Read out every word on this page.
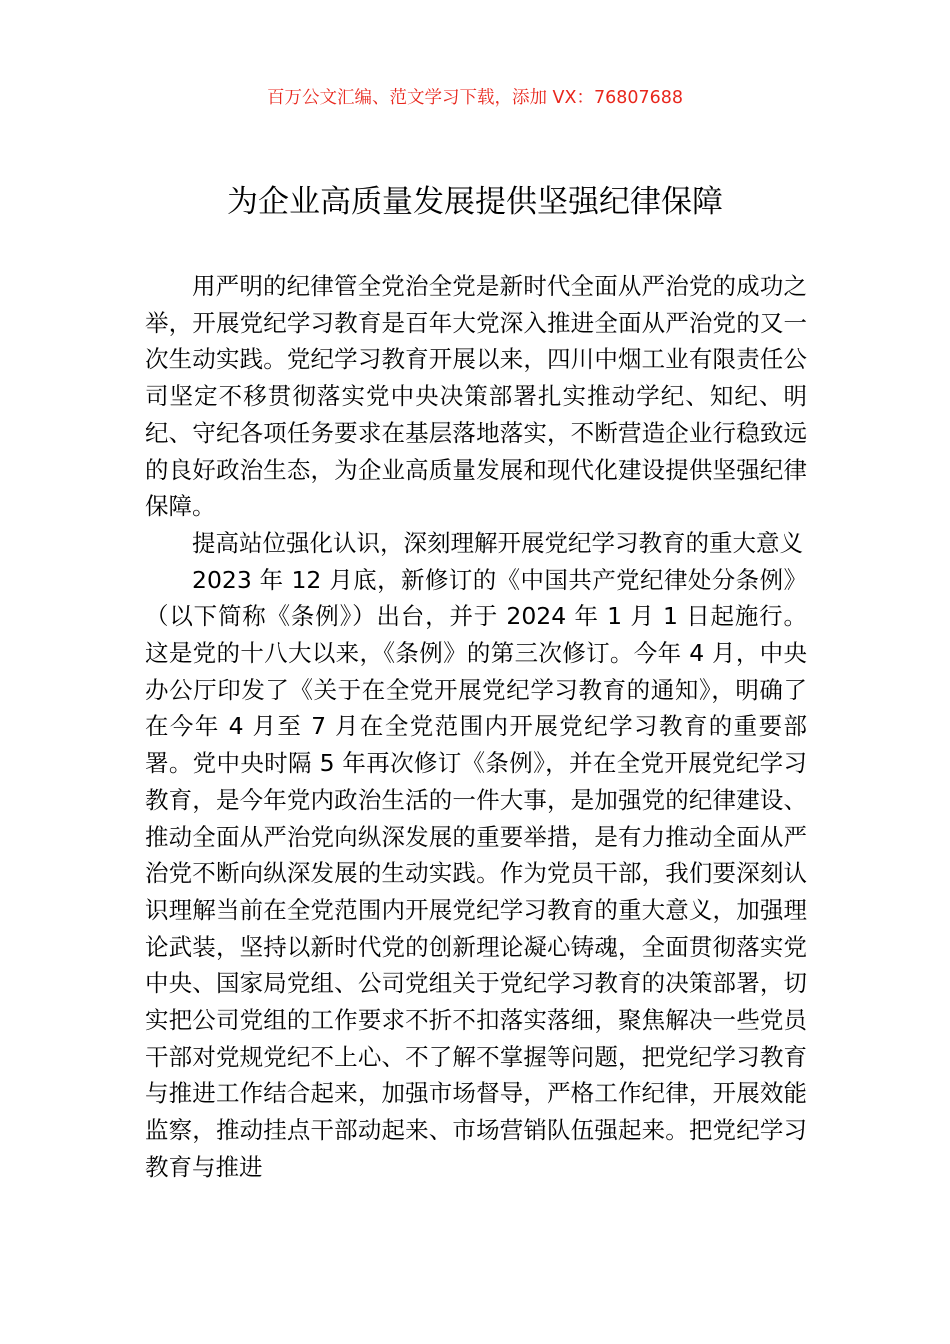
百万公文汇编、范文学习下载，添加 VX：76807688
为企业高质量发展提供坚强纪律保障

用严明的纪律管全党治全党是新时代全面从严治党的成功之举，开展党纪学习教育是百年大党深入推进全面从严治党的又一次生动实践。党纪学习教育开展以来，四川中烟工业有限责任公司坚定不移贯彻落实党中央决策部署扎实推动学纪、知纪、明纪、守纪各项任务要求在基层落地落实，不断营造企业行稳致远的良好政治生态，为企业高质量发展和现代化建设提供坚强纪律保障。

提高站位强化认识，深刻理解开展党纪学习教育的重大意义

2023 年 12 月底，新修订的《中国共产党纪律处分条例》（以下简称《条例》）出台，并于 2024 年 1 月 1 日起施行。这是党的十八大以来，《条例》的第三次修订。今年 4 月，中央办公厅印发了《关于在全党开展党纪学习教育的通知》，明确了在今年 4 月至 7 月在全党范围内开展党纪学习教育的重要部署。党中央时隔 5 年再次修订《条例》，并在全党开展党纪学习教育，是今年党内政治生活的一件大事，是加强党的纪律建设、推动全面从严治党向纵深发展的重要举措，是有力推动全面从严治党不断向纵深发展的生动实践。作为党员干部，我们要深刻认识理解当前在全党范围内开展党纪学习教育的重大意义，加强理论武装，坚持以新时代党的创新理论凝心铸魂，全面贯彻落实党中央、国家局党组、公司党组关于党纪学习教育的决策部署，切实把公司党组的工作要求不折不扣落实落细，聚焦解决一些党员干部对党规党纪不上心、不了解不掌握等问题，把党纪学习教育与推进工作结合起来，加强市场督导，严格工作纪律，开展效能监察，推动挂点干部动起来、市场营销队伍强起来。把党纪学习教育与推进
